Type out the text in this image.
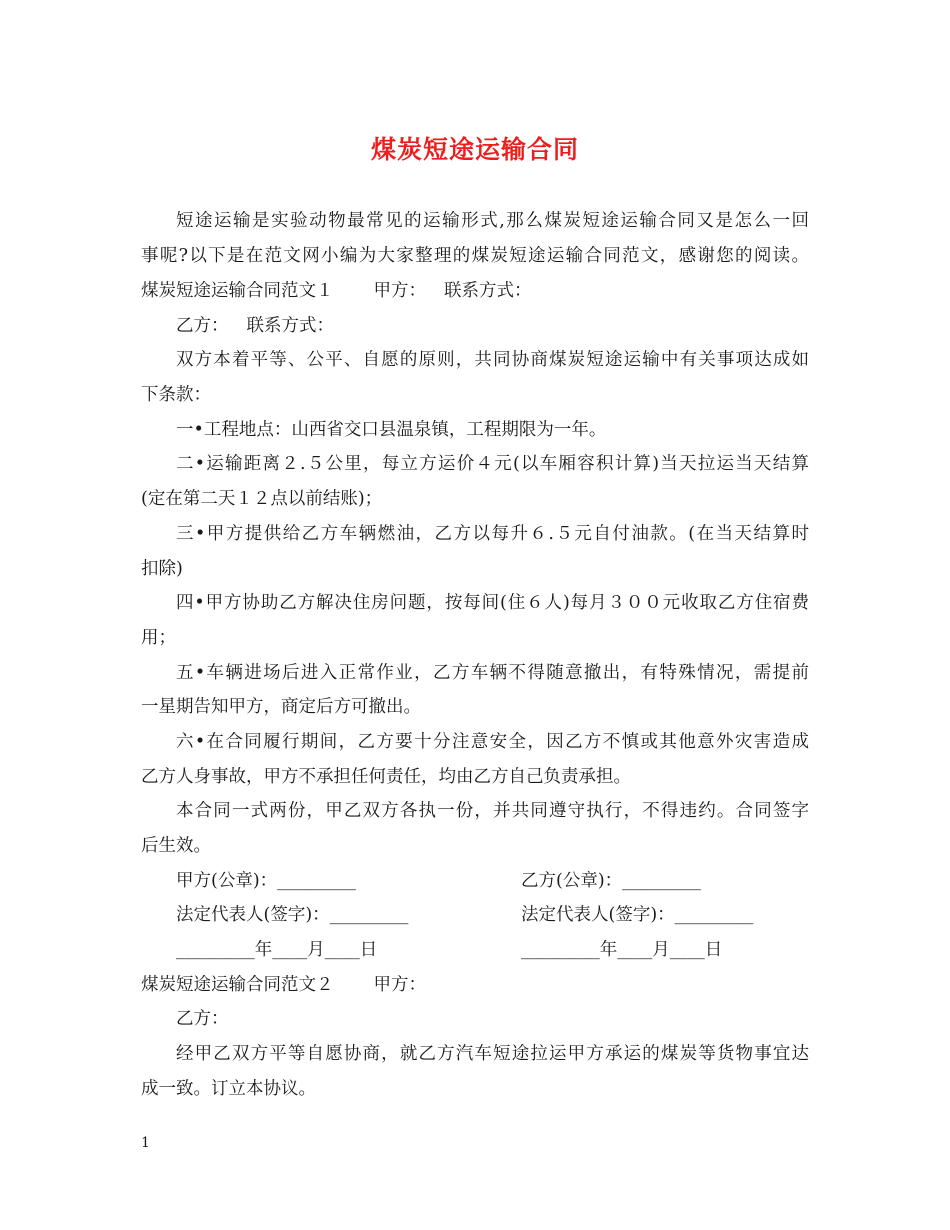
煤炭短途运输合同
短途运输是实验动物最常见的运输形式,那么煤炭短途运输合同又是怎么一回
事呢?以下是在范文网小编为大家整理的煤炭短途运输合同范文，感谢您的阅读。
煤炭短途运输合同范文１ 甲方： 联系方式：
乙方： 联系方式：
双方本着平等、公平、自愿的原则，共同协商煤炭短途运输中有关事项达成如
下条款：
一•工程地点：山西省交口县温泉镇，工程期限为一年。
二•运输距离２.５公里，每立方运价４元(以车厢容积计算)当天拉运当天结算
(定在第二天１２点以前结账)；
三•甲方提供给乙方车辆燃油，乙方以每升６.５元自付油款。(在当天结算时
扣除)
四•甲方协助乙方解决住房问题，按每间(住６人)每月３００元收取乙方住宿费
用；
五•车辆进场后进入正常作业，乙方车辆不得随意撤出，有特殊情况，需提前
一星期告知甲方，商定后方可撤出。
六•在合同履行期间，乙方要十分注意安全，因乙方不慎或其他意外灾害造成
乙方人身事故，甲方不承担任何责任，均由乙方自己负责承担。
本合同一式两份，甲乙双方各执一份，并共同遵守执行，不得违约。合同签字
后生效。
甲方(公章)：_________	乙方(公章)：_________
法定代表人(签字)：_________	法定代表人(签字)：_________
_________年____月____日	_________年____月____日
煤炭短途运输合同范文２ 甲方：
乙方：
经甲乙双方平等自愿协商，就乙方汽车短途拉运甲方承运的煤炭等货物事宜达
成一致。订立本协议。
1
